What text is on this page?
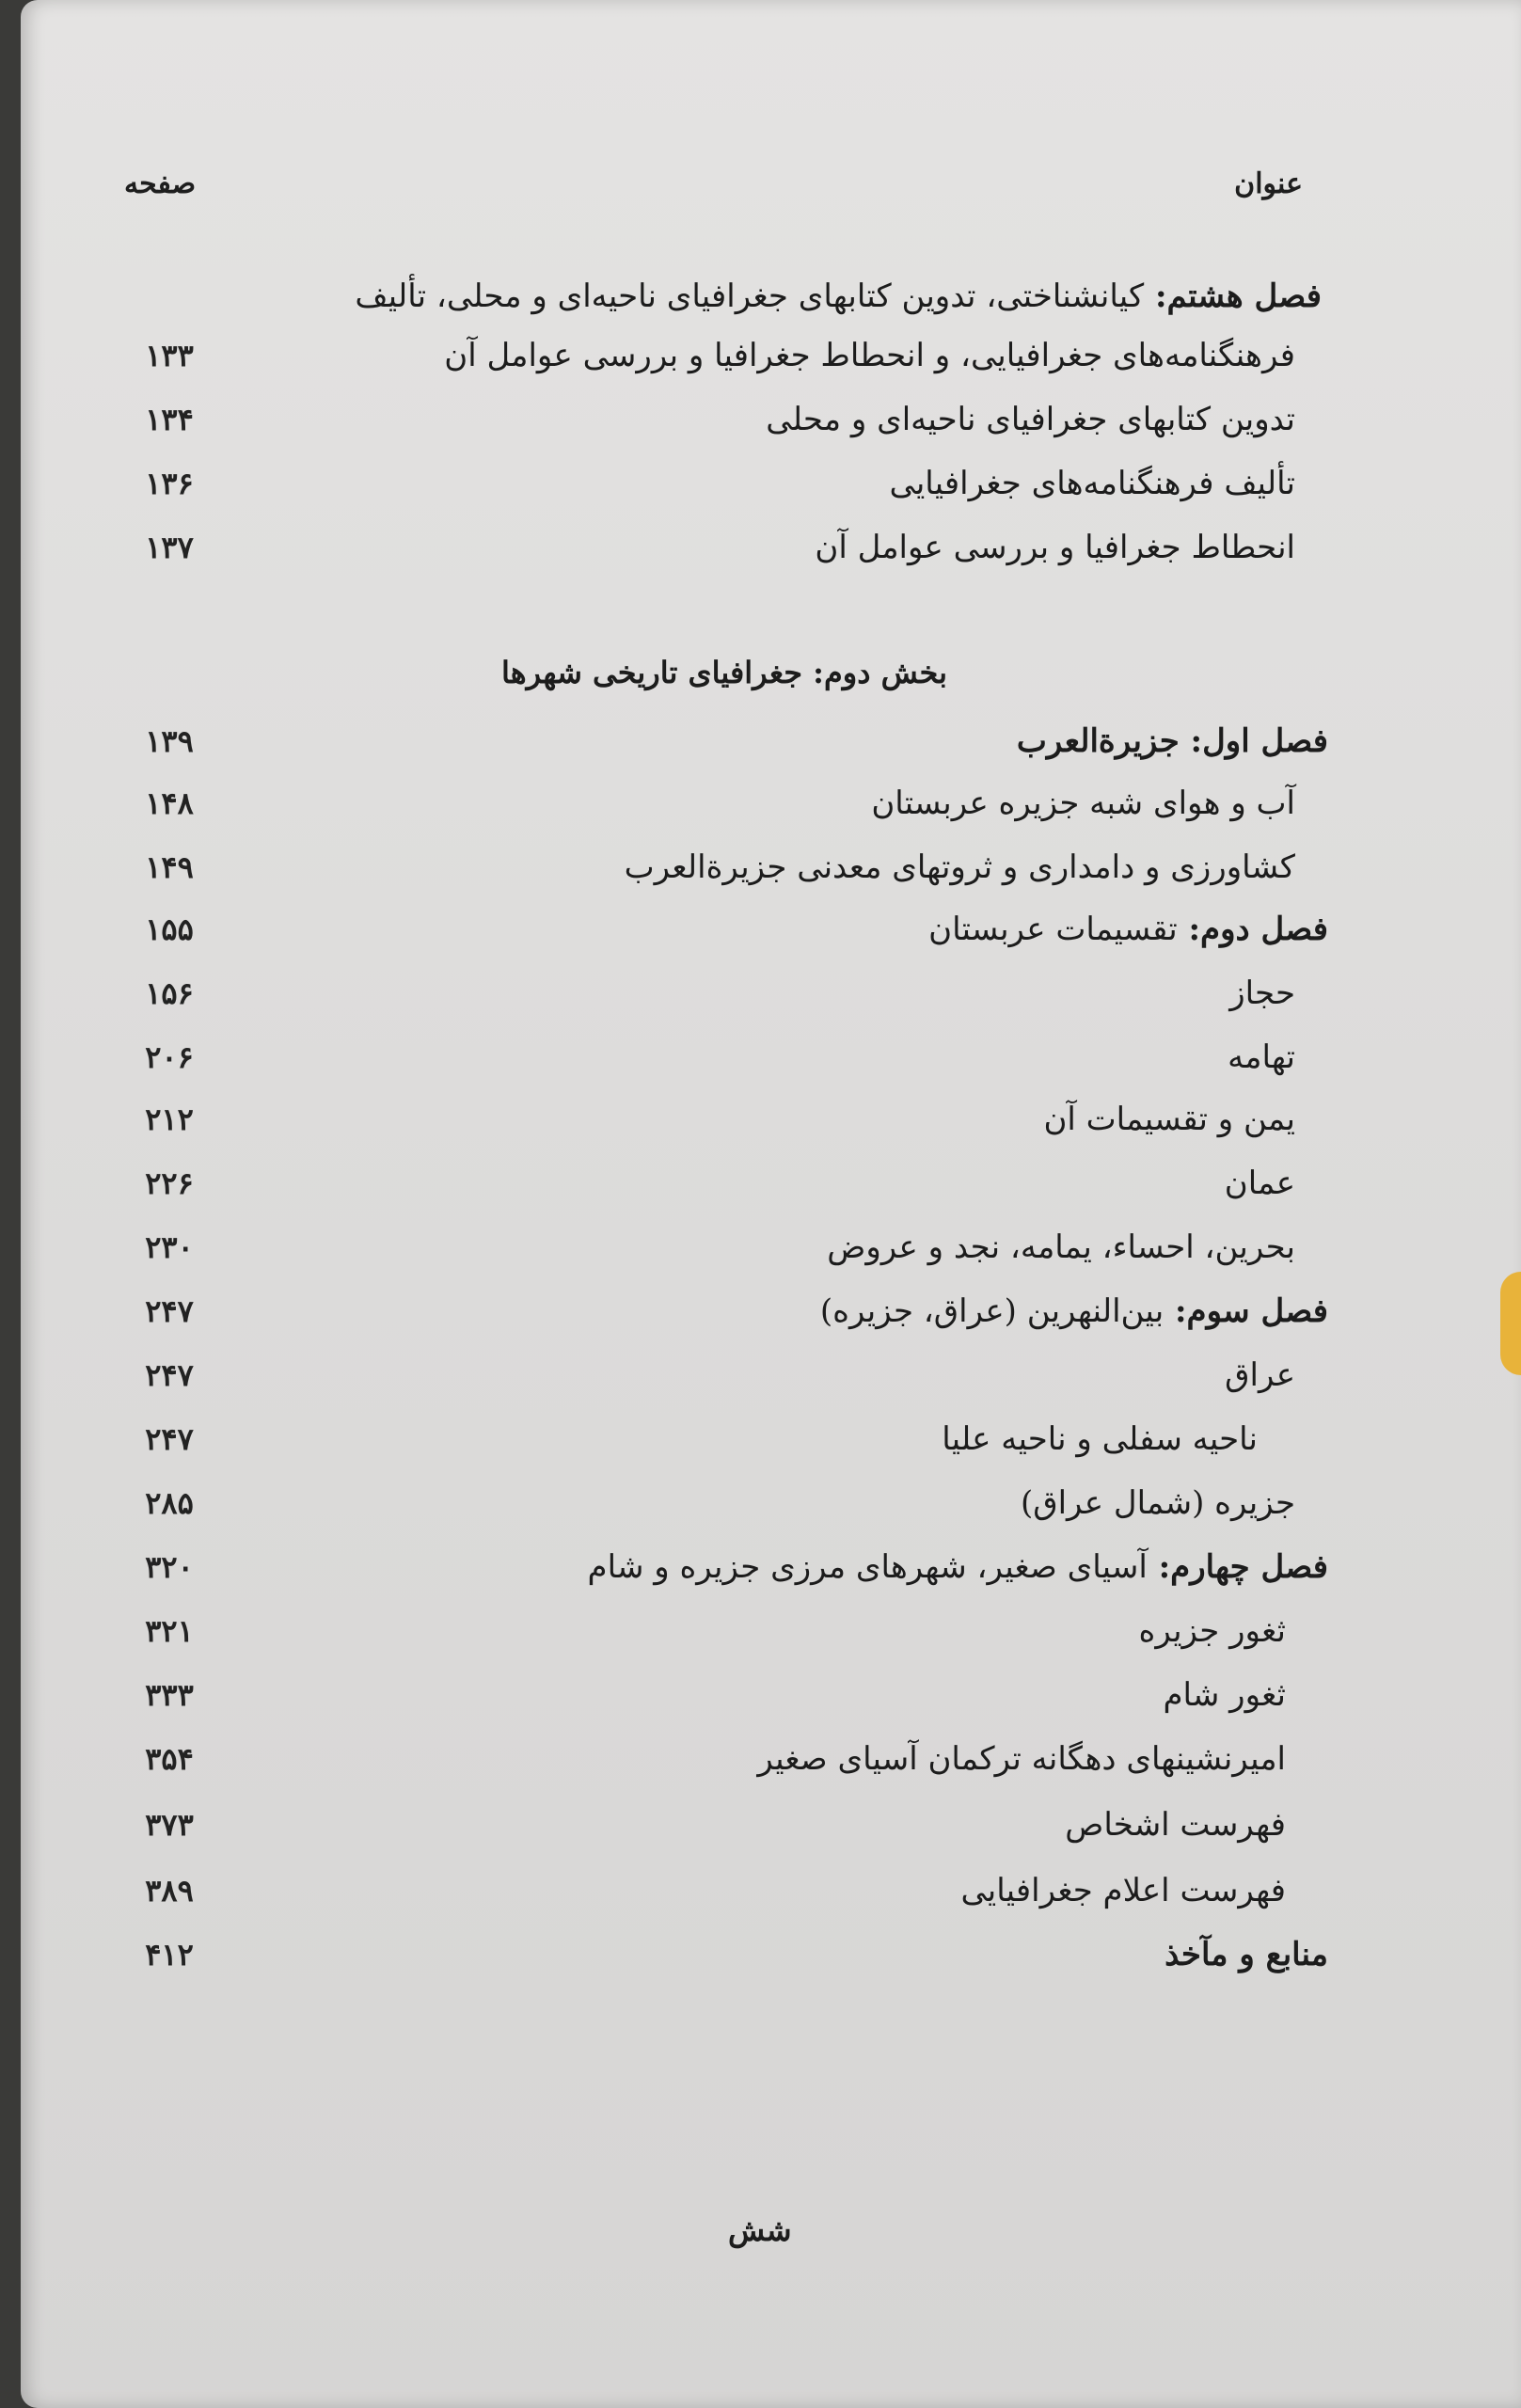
عنوان
صفحه
فصل هشتم: کیانشناختی، تدوین کتابهای جغرافیای ناحیه‌ای و محلی، تألیف
فرهنگنامه‌های جغرافیایی، و انحطاط جغرافیا و بررسی عوامل آن
۱۳۳
تدوین کتابهای جغرافیای ناحیه‌ای و محلی
۱۳۴
تألیف فرهنگنامه‌های جغرافیایی
۱۳۶
انحطاط جغرافیا و بررسی عوامل آن
۱۳۷
بخش دوم: جغرافیای تاریخی شهرها
فصل اول: جزیرةالعرب
۱۳۹
آب و هوای شبه جزیره عربستان
۱۴۸
کشاورزی و دامداری و ثروتهای معدنی جزیرةالعرب
۱۴۹
فصل دوم: تقسیمات عربستان
۱۵۵
حجاز
۱۵۶
تهامه
۲۰۶
یمن و تقسیمات آن
۲۱۲
عمان
۲۲۶
بحرین، احساء، یمامه، نجد و عروض
۲۳۰
فصل سوم: بین‌النهرین (عراق، جزیره)
۲۴۷
عراق
۲۴۷
ناحیه سفلی و ناحیه علیا
۲۴۷
جزیره (شمال عراق)
۲۸۵
فصل چهارم: آسیای صغیر، شهرهای مرزی جزیره و شام
۳۲۰
ثغور جزیره
۳۲۱
ثغور شام
۳۳۳
امیرنشینهای دهگانه ترکمان آسیای صغیر
۳۵۴
فهرست اشخاص
۳۷۳
فهرست اعلام جغرافیایی
۳۸۹
منابع و مآخذ
۴۱۲
شش
